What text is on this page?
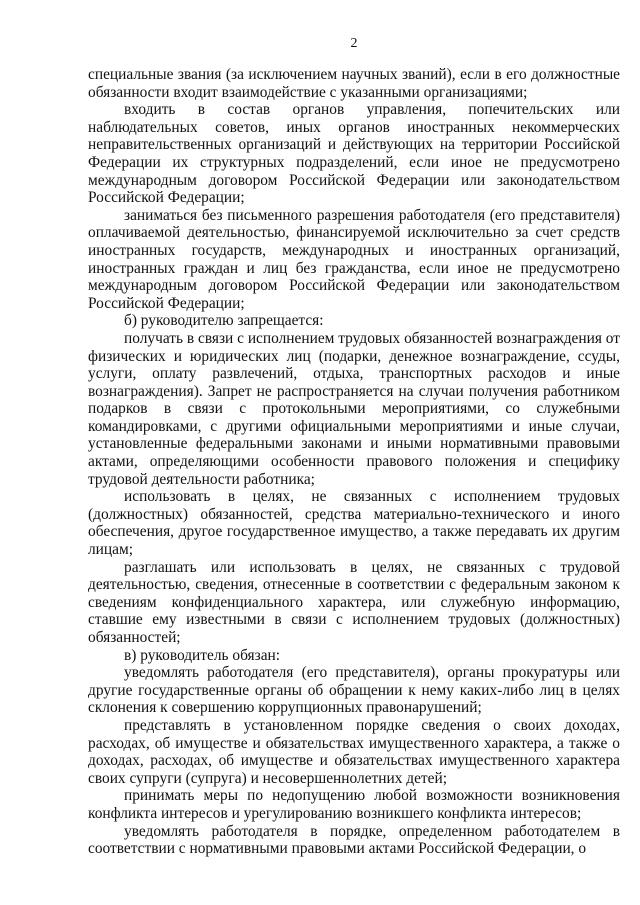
2

специальные звания (за исключением научных званий), если в его должностные обязанности входит взаимодействие с указанными организациями;

входить в состав органов управления, попечительских или наблюдательных советов, иных органов иностранных некоммерческих неправительственных организаций и действующих на территории Российской Федерации их структурных подразделений, если иное не предусмотрено международным договором Российской Федерации или законодательством Российской Федерации;

заниматься без письменного разрешения работодателя (его представителя) оплачиваемой деятельностью, финансируемой исключительно за счет средств иностранных государств, международных и иностранных организаций, иностранных граждан и лиц без гражданства, если иное не предусмотрено международным договором Российской Федерации или законодательством Российской Федерации;

б) руководителю запрещается:

получать в связи с исполнением трудовых обязанностей вознаграждения от физических и юридических лиц (подарки, денежное вознаграждение, ссуды, услуги, оплату развлечений, отдыха, транспортных расходов и иные вознаграждения). Запрет не распространяется на случаи получения работником подарков в связи с протокольными мероприятиями, со служебными командировками, с другими официальными мероприятиями и иные случаи, установленные федеральными законами и иными нормативными правовыми актами, определяющими особенности правового положения и специфику трудовой деятельности работника;

использовать в целях, не связанных с исполнением трудовых (должностных) обязанностей, средства материально-технического и иного обеспечения, другое государственное имущество, а также передавать их другим лицам;

разглашать или использовать в целях, не связанных с трудовой деятельностью, сведения, отнесенные в соответствии с федеральным законом к сведениям конфиденциального характера, или служебную информацию, ставшие ему известными в связи с исполнением трудовых (должностных) обязанностей;

в) руководитель обязан:

уведомлять работодателя (его представителя), органы прокуратуры или другие государственные органы об обращении к нему каких-либо лиц в целях склонения к совершению коррупционных правонарушений;

представлять в установленном порядке сведения о своих доходах, расходах, об имуществе и обязательствах имущественного характера, а также о доходах, расходах, об имуществе и обязательствах имущественного характера своих супруги (супруга) и несовершеннолетних детей;

принимать меры по недопущению любой возможности возникновения конфликта интересов и урегулированию возникшего конфликта интересов;

уведомлять работодателя в порядке, определенном работодателем в соответствии с нормативными правовыми актами Российской Федерации, о
